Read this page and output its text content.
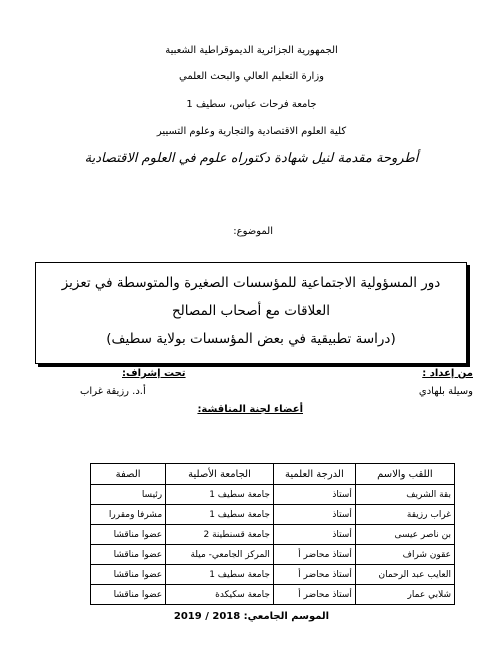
الجمهورية الجزائرية الديموقراطية الشعبية
وزارة التعليم العالي والبحث العلمي
جامعة فرحات عباس، سطيف 1
كلية العلوم الاقتصادية والتجارية وعلوم التسيير
أطروحة مقدمة لنيل شهادة دكتوراه علوم في العلوم الاقتصادية
الموضوع:
دور المسؤولية الاجتماعية للمؤسسات الصغيرة والمتوسطة في تعزيز
العلاقات مع أصحاب المصالح
(دراسة تطبيقية في بعض المؤسسات بولاية سطيف)
من إعداد :
وسيلة بلهادي
تحت إشراف:
أ.د. رزيقة غراب
أعضاء لجنة المناقشة:
اللقب والاسم	الدرجة العلمية	الجامعة الأصلية	الصفة
بقة الشريف	أستاذ	جامعة سطيف 1	رئيسا
غراب رزيقة	أستاذ	جامعة سطيف 1	مشرفا ومقررا
بن ناصر عيسى	أستاذ	جامعة قسنطينة 2	عضوا مناقشا
عقون شراف	أستاذ محاضر أ	المركز الجامعي- ميلة	عضوا مناقشا
العايب عبد الرحمان	أستاذ محاضر أ	جامعة سطيف 1	عضوا مناقشا
شلابي عمار	أستاذ محاضر أ	جامعة سكيكدة	عضوا مناقشا
الموسم الجامعي: 2018 / 2019
